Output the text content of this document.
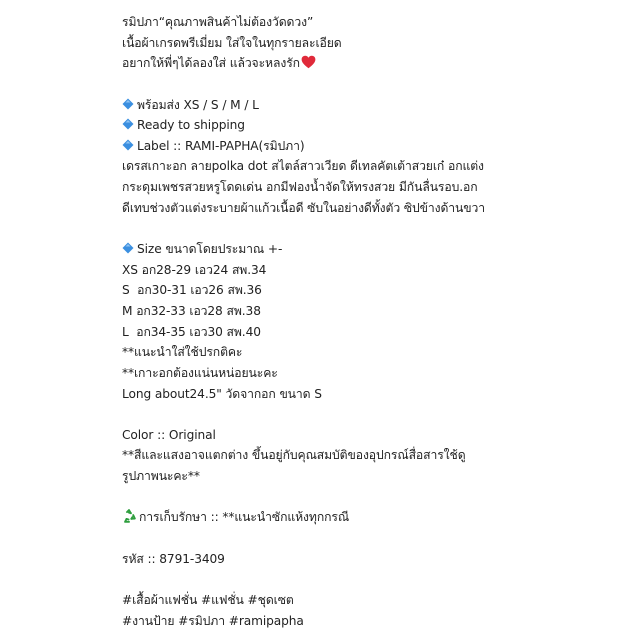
รมิปภา“คุณภาพสินค้าไม่ต้องวัดดวง”
เนื้อผ้าเกรดพรีเมี่ยม ใส่ใจในทุกรายละเอียด
อยากให้พี่ๆได้ลองใส่ แล้วจะหลงรัก
พร้อมส่ง XS / S / M / L
Ready to shipping
Label :: RAMI-PAPHA(รมิปภา)
เดรสเกาะอก ลายpolka dot สไตล์สาวเวียด ดีเทลคัตเต้าสวยเก๋ อกแต่ง
กระดุมเพชรสวยหรูโดดเด่น อกมีฟองน้ำจัดให้ทรงสวย มีกันลื่นรอบ.อก
ดีเทบช่วงตัวแต่งระบายผ้าแก้วเนื้อดี ซับในอย่างดีทั้งตัว ซิปข้างด้านขวา
Size ขนาดโดยประมาณ +-
XS อก28-29 เอว24 สพ.34
S  อก30-31 เอว26 สพ.36
M อก32-33 เอว28 สพ.38
L  อก34-35 เอว30 สพ.40
**แนะนำใส่ใช้ปรกติคะ
**เกาะอกต้องแน่นหน่อยนะคะ
Long about24.5" วัดจากอก ขนาด S
Color :: Original
**สีและแสงอาจแตกต่าง ขึ้นอยู่กับคุณสมบัติของอุปกรณ์สื่อสารใช้ดู
รูปภาพนะคะ**
การเก็บรักษา :: **แนะนำซักแห้งทุกกรณี
รหัส :: 8791-3409
#เสื้อผ้าแฟชั่น #แฟชั่น #ชุดเซต
#งานป้าย #รมิปภา #ramipapha
